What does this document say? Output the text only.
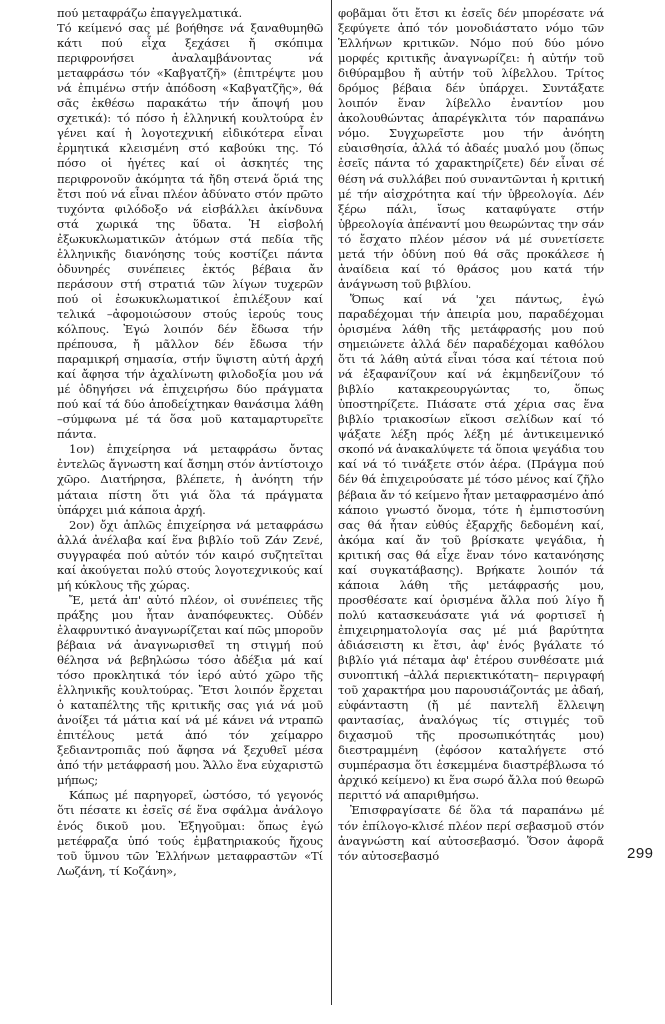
πού μεταφράζω ἐπαγγελματικά.

Τό κείμενό σας μέ βοήθησε νά ξαναθυμηθῶ κάτι πού εἶχα ξεχάσει ἤ σκόπιμα περιφρονήσει ἀναλαμβάνοντας νά μεταφράσω τόν «Καβγατζῆ» (ἐπιτρέψτε μου νά ἐπιμένω στήν ἀπόδοση «Καβγατζῆς», θά σᾶς ἐκθέσω παρακάτω τήν ἄποψή μου σχετικά): τό πόσο ἡ ἑλληνική κουλτούρα ἐν γένει καί ἡ λογοτεχνική εἰδικότερα εἶναι ἐρμητικά κλεισμένη στό καβούκι της. Τό πόσο οἱ ἡγέτες καί οἱ ἀσκητές της περιφρονοῦν ἀκόμητα τά ἤδη στενά ὅριά της ἔτσι πού νά εἶναι πλέον ἀδύνατο στόν πρῶτο τυχόντα φιλόδοξο νά εἰσβάλλει ἀκίνδυνα στά χωρικά της ὕδατα. Ἡ εἰσβολή ἐξωκυκλωματικῶν ἀτόμων στά πεδία τῆς ἑλληνικῆς διανόησης τούς κοστίζει πάντα ὀδυνηρές συνέπειες ἐκτός βέβαια ἄν περάσουν στή στρατιά τῶν λίγων τυχερῶν πού οἱ ἐσωκυκλωματικοί ἐπιλέξουν καί τελικά –ἀφομοιώσουν στούς ἱερούς τους κόλπους. Ἐγώ λοιπόν δέν ἔδωσα τήν πρέπουσα, ἤ μᾶλλον δέν ἔδωσα τήν παραμικρή σημασία, στήν ὕψιστη αὐτή ἀρχή καί ἄφησα τήν ἀχαλίνωτη φιλοδοξία μου νά μέ ὁδηγήσει νά ἐπιχειρήσω δύο πράγματα πού καί τά δύο ἀποδείχτηκαν θανάσιμα λάθη –σύμφωνα μέ τά ὅσα μοῦ καταμαρτυρεῖτε πάντα.

1ον) ἐπιχείρησα νά μεταφράσω ὄντας ἐντελῶς ἄγνωστη καί ἄσημη στόν ἀντίστοιχο χῶρο. Διατήρησα, βλέπετε, ἡ ἀνόητη τήν μάταια πίστη ὅτι γιά ὅλα τά πράγματα ὑπάρχει μιά κάποια ἀρχή.

2ον) ὄχι ἁπλῶς ἐπιχείρησα νά μεταφράσω ἀλλά ἀνέλαβα καί ἕνα βιβλίο τοῦ Ζάν Ζενέ, συγγραφέα πού αὐτόν τόν καιρό συζητεῖται καί ἀκούγεται πολύ στούς λογοτεχνικούς καί μή κύκλους τῆς χώρας.

Ἔ, μετά ἀπ' αὐτό πλέον, οἱ συνέπειες τῆς πράξης μου ἦταν ἀναπόφευκτες. Οὐδέν ἐλαφρυντικό ἀναγνωρίζεται καί πῶς μποροῦν βέβαια νά ἀναγνωρισθεῖ τη στιγμή πού θέλησα νά βεβηλώσω τόσο ἀδέξια μά καί τόσο προκλητικά τόν ἱερό αὐτό χῶρο τῆς ἑλληνικῆς κουλτούρας. Ἔτσι λοιπόν ἔρχεται ὁ καταπέλτης τῆς κριτικῆς σας γιά νά μοῦ ἀνοίξει τά μάτια καί νά μέ κάνει νά ντραπῶ ἐπιτέλους μετά ἀπό τόν χείμαρρο ξεδιαντροπιᾶς πού ἄφησα νά ξεχυθεῖ μέσα ἀπό τήν μετάφρασή μου. Ἄλλο ἕνα εὐχαριστῶ μήπως;

Κάπως μέ παρηγορεῖ, ὡστόσο, τό γεγονός ὅτι πέσατε κι ἐσεῖς σέ ἕνα σφάλμα ἀνάλογο ἑνός δικοῦ μου. Ἐξηγοῦμαι: ὅπως ἐγώ μετέφραζα ὑπό τούς ἐμβατηριακούς ἤχους τοῦ ὕμνου τῶν Ἑλλήνων μεταφραστῶν «Τί Λωζάνη, τί Κοζάνη»,

φοβᾶμαι ὅτι ἔτσι κι ἐσεῖς δέν μπορέσατε νά ξεφύγετε ἀπό τόν μονοδιάστατο νόμο τῶν Ἑλλήνων κριτικῶν. Νόμο πού δύο μόνο μορφές κριτικῆς ἀναγνωρίζει: ἡ αὐτήν τοῦ διθύραμβου ἤ αὐτήν τοῦ λίβελλου. Τρίτος δρόμος βέβαια δέν ὑπάρχει. Συντάξατε λοιπόν ἕναν λίβελλο ἐναντίον μου ἀκολουθώντας ἀπαρέγκλιτα τόν παραπάνω νόμο. Συγχωρεῖστε μου τήν ἀνόητη εὐαισθησία, ἀλλά τό ἀδαές μυαλό μου (ὅπως ἐσεῖς πάντα τό χαρακτηρίζετε) δέν εἶναι σέ θέση νά συλλάβει πού συναντῶνται ἡ κριτική μέ τήν αἰσχρότητα καί τήν ὑβρεολογία. Δέν ξέρω πάλι, ἴσως καταφύγατε στήν ὑβρεολογία ἀπέναντί μου θεωρώντας την σάν τό ἔσχατο πλέον μέσον νά μέ συνετίσετε μετά τήν ὀδύνη πού θά σᾶς προκάλεσε ἡ ἀναίδεια καί τό θράσος μου κατά τήν ἀνάγνωση τοῦ βιβλίου.

Ὅπως καί νά 'χει πάντως, ἐγώ παραδέχομαι τήν ἀπειρία μου, παραδέχομαι ὁρισμένα λάθη τῆς μετάφρασής μου πού σημειώνετε ἀλλά δέν παραδέχομαι καθόλου ὅτι τά λάθη αὐτά εἶναι τόσα καί τέτοια πού νά ἐξαφανίζουν καί νά ἐκμηδενίζουν τό βιβλίο κατακρεουργώντας το, ὅπως ὑποστηρίζετε. Πιάσατε στά χέρια σας ἕνα βιβλίο τριακοσίων εἴκοσι σελίδων καί τό ψάξατε λέξη πρός λέξη μέ ἀντικειμενικό σκοπό νά ἀνακαλύψετε τά ὅποια ψεγάδια του καί νά τό τινάξετε στόν ἀέρα. (Πράγμα πού δέν θά ἐπιχειρούσατε μέ τόσο μένος καί ζῆλο βέβαια ἄν τό κείμενο ἦταν μεταφρασμένο ἀπό κάποιο γνωστό ὄνομα, τότε ἡ ἐμπιστοσύνη σας θά ἦταν εὐθύς ἐξαρχῆς δεδομένη καί, ἀκόμα καί ἄν τοῦ βρίσκατε ψεγάδια, ἡ κριτική σας θά εἶχε ἕναν τόνο κατανόησης καί συγκατάβασης). Βρήκατε λοιπόν τά κάποια λάθη τῆς μετάφρασής μου, προσθέσατε καί ὁρισμένα ἄλλα πού λίγο ἤ πολύ κατασκευάσατε γιά νά φορτισεῖ ἡ ἐπιχειρηματολογία σας μέ μιά βαρύτητα ἀδιάσειστη κι ἔτσι, ἀφ' ἑνός βγάλατε τό βιβλίο γιά πέταμα ἀφ' ἑτέρου συνθέσατε μιά συνοπτική –ἀλλά περιεκτικότατη– περιγραφή τοῦ χαρακτήρα μου παρουσιάζοντάς με ἀδαή, εὐφάνταστη (ἤ μέ παντελῆ ἔλλειψη φαντασίας, ἀναλόγως τίς στιγμές τοῦ διχασμοῦ τῆς προσωπικότητάς μου) διεστραμμένη (ἐφόσον καταλήγετε στό συμπέρασμα ὅτι ἐσκεμμένα διαστρέβλωσα τό ἀρχικό κείμενο) κι ἕνα σωρό ἄλλα πού θεωρῶ περιττό νά απαριθμήσω.

Ἐπισφραγίσατε δέ ὅλα τά παραπάνω μέ τόν ἐπίλογο-κλισέ πλέον περί σεβασμοῦ στόν ἀναγνώστη καί αὐτοσεβασμό. Ὅσον ἀφορᾶ τόν αὐτοσεβασμό	299
